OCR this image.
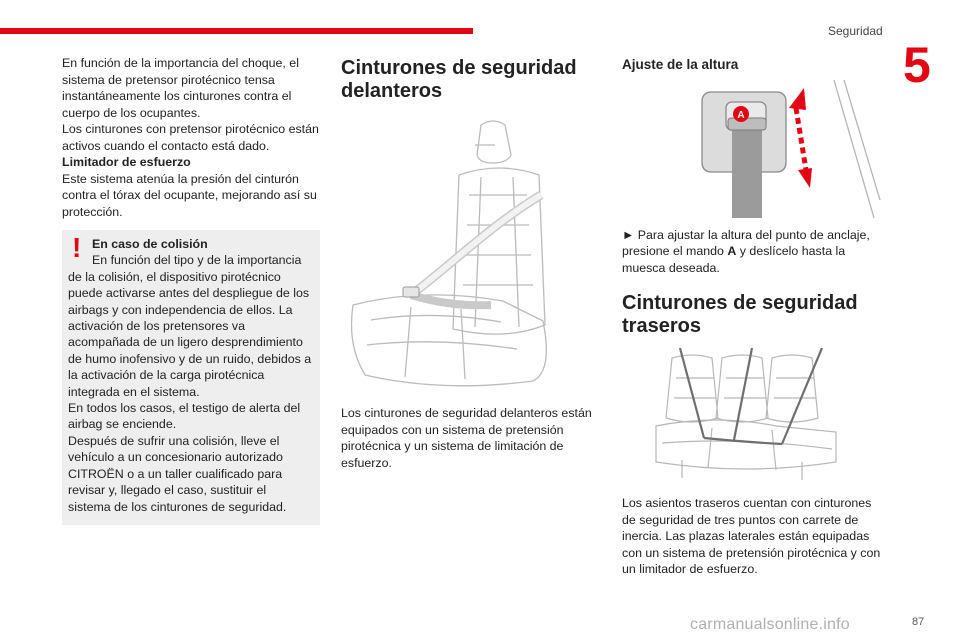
Seguridad
5

En función de la importancia del choque, el sistema de pretensor pirotécnico tensa instantáneamente los cinturones contra el cuerpo de los ocupantes.

Los cinturones con pretensor pirotécnico están activos cuando el contacto está dado.

Limitador de esfuerzo

Este sistema atenúa la presión del cinturón contra el tórax del ocupante, mejorando así su protección.

! En caso de colisión
En función del tipo y de la importancia
de la colisión, el dispositivo pirotécnico puede activarse antes del despliegue de los airbags y con independencia de ellos. La activación de los pretensores va acompañada de un ligero desprendimiento de humo inofensivo y de un ruido, debidos a la activación de la carga pirotécnica integrada en el sistema.
En todos los casos, el testigo de alerta del airbag se enciende.
Después de sufrir una colisión, lleve el vehículo a un concesionario autorizado CITROËN o a un taller cualificado para revisar y, llegado el caso, sustituir el sistema de los cinturones de seguridad.
Cinturones de seguridad delanteros

Los cinturones de seguridad delanteros están equipados con un sistema de pretensión pirotécnica y un sistema de limitación de esfuerzo.

Ajuste de la altura
A

► Para ajustar la altura del punto de anclaje, presione el mando A y deslícelo hasta la muesca deseada.

Cinturones de seguridad traseros

Los asientos traseros cuentan con cinturones de seguridad de tres puntos con carrete de inercia. Las plazas laterales están equipadas con un sistema de pretensión pirotécnica y con un limitador de esfuerzo.

carmanualsonline.info	87
